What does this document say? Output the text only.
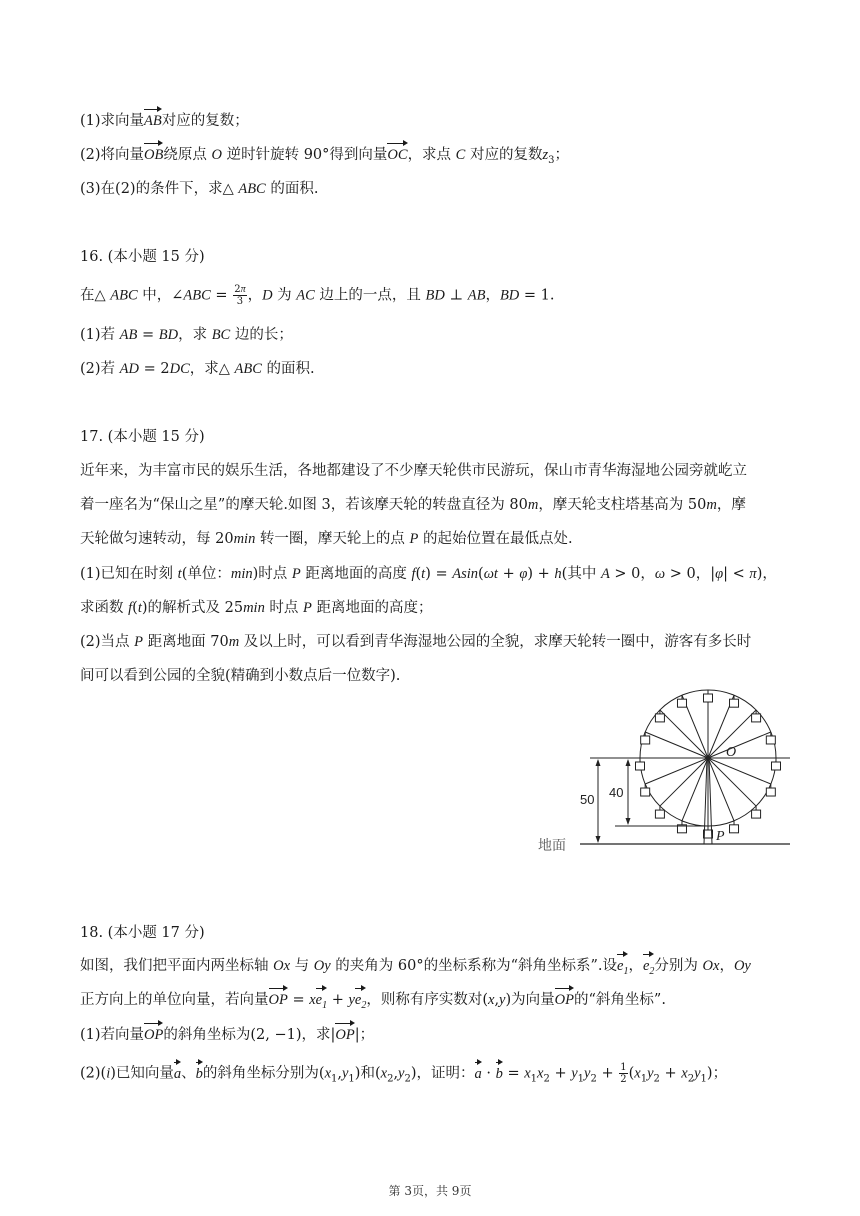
(1)求向量AB对应的复数；
(2)将向量OB绕原点 O 逆时针旋转 90°得到向量OC，求点 C 对应的复数$z_3$；
(3)在(2)的条件下，求△ ABC 的面积.
16. (本小题 15 分)
在△ ABC 中，∠ABC = $\frac{2\pi}{3}$ ，D 为 AC 边上的一点，且 BD ⊥ AB，BD = 1.
(1)若 AB = BD，求 BC 边的长；
(2)若 AD = 2DC，求△ ABC 的面积.
17. (本小题 15 分)
近年来，为丰富市民的娱乐生活，各地都建设了不少摩天轮供市民游玩，保山市青华海湿地公园旁就屹立
着一座名为“保山之星”的摩天轮.如图 3，若该摩天轮的转盘直径为 80m，摩天轮支柱塔基高为 50m，摩
天轮做匀速转动，每 20min 转一圈，摩天轮上的点 P 的起始位置在最低点处.
(1)已知在时刻 t(单位：min)时点 P 距离地面的高度 f(t) = Asin(ωt + φ) + h(其中 A > 0，ω > 0，|φ| < π)，
求函数 f(t)的解析式及 25min 时点 P 距离地面的高度；
(2)当点 P 距离地面 70m 及以上时，可以看到青华海湿地公园的全貌，求摩天轮转一圈中，游客有多长时
间可以看到公园的全貌(精确到小数点后一位数字).
50 40
O
P
地面
18. (本小题 17 分)
如图，我们把平面内两坐标轴 Ox 与 Oy 的夹角为 60°的坐标系称为“斜角坐标系”.设$e_1$，$e_2$分别为 Ox，Oy
正方向上的单位向量，若向量OP = $xe_1 + ye_2$，则称有序实数对(x,y)为向量OP的“斜角坐标”.
(1)若向量OP的斜角坐标为(2, −1)，求|OP|；
(2)(i)已知向量a、b的斜角坐标分别为$(x_1,y_1)$和$(x_2,y_2)$，证明：$a \cdot b = x_1x_2 + y_1y_2 + \frac{1}{2} (x_1y_2 + x_2y_1)$；
第 3页，共 9页
